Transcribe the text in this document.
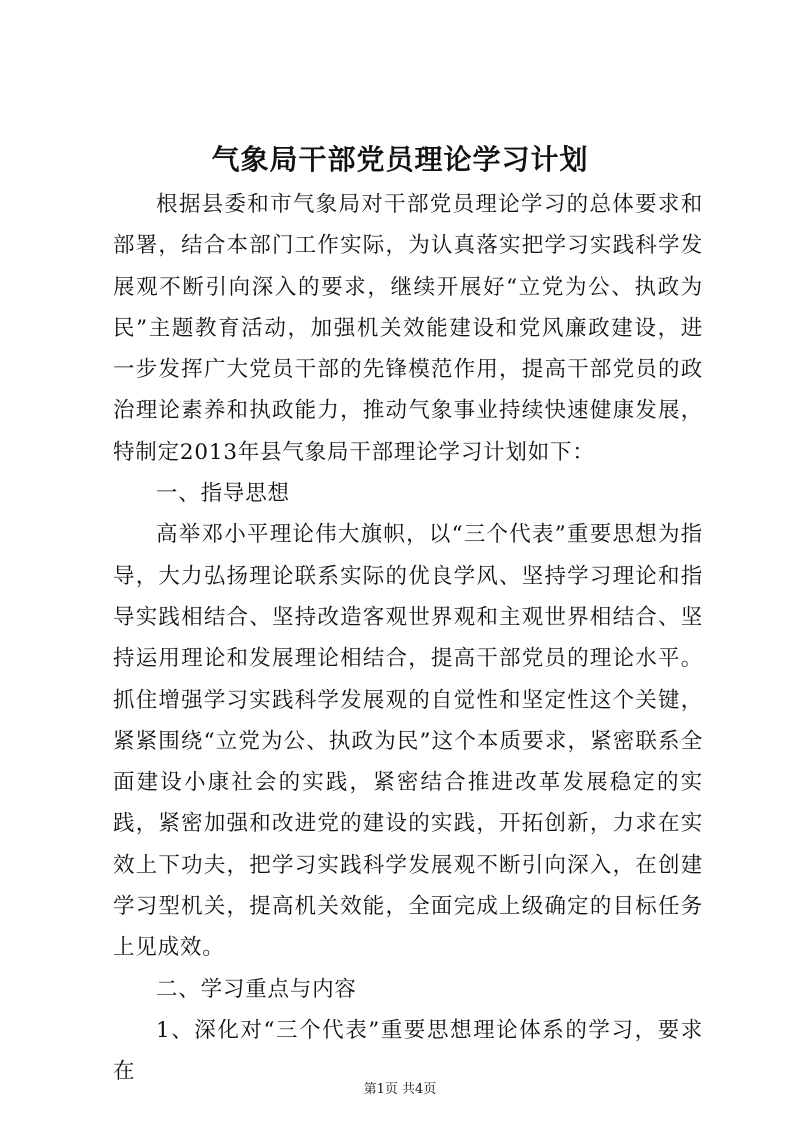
气象局干部党员理论学习计划

根据县委和市气象局对干部党员理论学习的总体要求和部署，结合本部门工作实际，为认真落实把学习实践科学发展观不断引向深入的要求，继续开展好“立党为公、执政为民”主题教育活动，加强机关效能建设和党风廉政建设，进一步发挥广大党员干部的先锋模范作用，提高干部党员的政治理论素养和执政能力，推动气象事业持续快速健康发展，特制定2013年县气象局干部理论学习计划如下：

一、指导思想

高举邓小平理论伟大旗帜，以“三个代表”重要思想为指导，大力弘扬理论联系实际的优良学风、坚持学习理论和指导实践相结合、坚持改造客观世界观和主观世界相结合、坚持运用理论和发展理论相结合，提高干部党员的理论水平。抓住增强学习实践科学发展观的自觉性和坚定性这个关键，紧紧围绕“立党为公、执政为民”这个本质要求，紧密联系全面建设小康社会的实践，紧密结合推进改革发展稳定的实践，紧密加强和改进党的建设的实践，开拓创新，力求在实效上下功夫，把学习实践科学发展观不断引向深入，在创建学习型机关，提高机关效能，全面完成上级确定的目标任务上见成效。

二、学习重点与内容

1、深化对“三个代表”重要思想理论体系的学习，要求在

第1页 共4页
